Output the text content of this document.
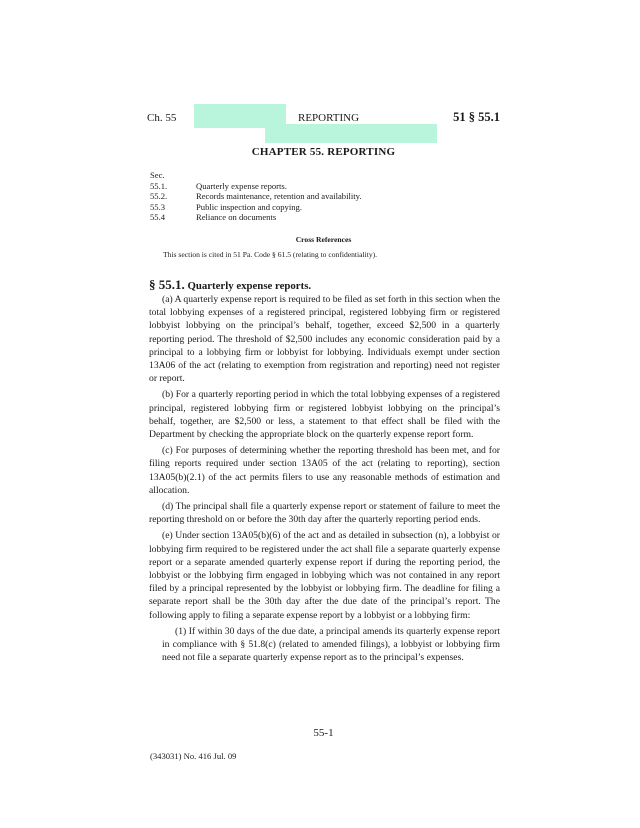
Ch. 55	REPORTING	51 § 55.1
CHAPTER 55. REPORTING
Sec.
55.1.	Quarterly expense reports.
55.2.	Records maintenance, retention and availability.
55.3	Public inspection and copying.
55.4	Reliance on documents
Cross References
This section is cited in 51 Pa. Code § 61.5 (relating to confidentiality).
§ 55.1. Quarterly expense reports.

(a) A quarterly expense report is required to be filed as set forth in this section when the total lobbying expenses of a registered principal, registered lobbying firm or registered lobbyist lobbying on the principal’s behalf, together, exceed $2,500 in a quarterly reporting period. The threshold of $2,500 includes any economic consideration paid by a principal to a lobbying firm or lobbyist for lobbying. Individuals exempt under section 13A06 of the act (relating to exemption from registration and reporting) need not register or report.

(b) For a quarterly reporting period in which the total lobbying expenses of a registered principal, registered lobbying firm or registered lobbyist lobbying on the principal’s behalf, together, are $2,500 or less, a statement to that effect shall be filed with the Department by checking the appropriate block on the quarterly expense report form.

(c) For purposes of determining whether the reporting threshold has been met, and for filing reports required under section 13A05 of the act (relating to reporting), section 13A05(b)(2.1) of the act permits filers to use any reasonable methods of estimation and allocation.

(d) The principal shall file a quarterly expense report or statement of failure to meet the reporting threshold on or before the 30th day after the quarterly reporting period ends.

(e) Under section 13A05(b)(6) of the act and as detailed in subsection (n), a lobbyist or lobbying firm required to be registered under the act shall file a separate quarterly expense report or a separate amended quarterly expense report if during the reporting period, the lobbyist or the lobbying firm engaged in lobbying which was not contained in any report filed by a principal represented by the lobbyist or lobbying firm. The deadline for filing a separate report shall be the 30th day after the due date of the principal’s report. The following apply to filing a separate expense report by a lobbyist or a lobbying firm:

(1) If within 30 days of the due date, a principal amends its quarterly expense report in compliance with § 51.8(c) (related to amended filings), a lobbyist or lobbying firm need not file a separate quarterly expense report as to the principal’s expenses.

55-1
(343031) No. 416 Jul. 09
